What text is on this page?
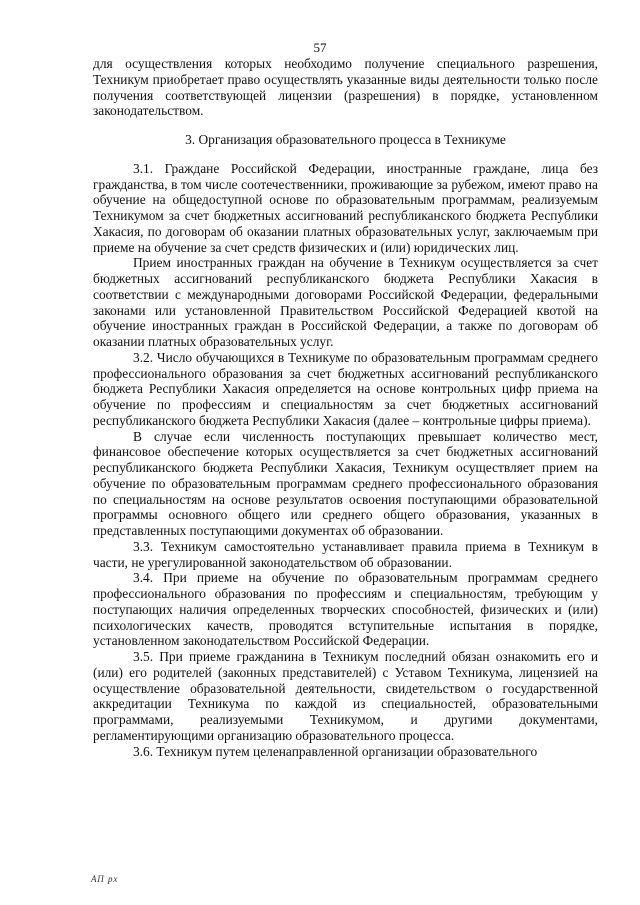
57

для осуществления которых необходимо получение специального разрешения, Техникум приобретает право осуществлять указанные виды деятельности только после получения соответствующей лицензии (разрешения) в порядке, установленном законодательством.

3. Организация образовательного процесса в Техникуме

3.1. Граждане Российской Федерации, иностранные граждане, лица без гражданства, в том числе соотечественники, проживающие за рубежом, имеют право на обучение на общедоступной основе по образовательным программам, реализуемым Техникумом за счет бюджетных ассигнований республиканского бюджета Республики Хакасия, по договорам об оказании платных образовательных услуг, заключаемым при приеме на обучение за счет средств физических и (или) юридических лиц.

Прием иностранных граждан на обучение в Техникум осуществляется за счет бюджетных ассигнований республиканского бюджета Республики Хакасия в соответствии с международными договорами Российской Федерации, федеральными законами или установленной Правительством Российской Федерацией квотой на обучение иностранных граждан в Российской Федерации, а также по договорам об оказании платных образовательных услуг.

3.2. Число обучающихся в Техникуме по образовательным программам среднего профессионального образования за счет бюджетных ассигнований республиканского бюджета Республики Хакасия определяется на основе контрольных цифр приема на обучение по профессиям и специальностям за счет бюджетных ассигнований республиканского бюджета Республики Хакасия (далее – контрольные цифры приема).

В случае если численность поступающих превышает количество мест, финансовое обеспечение которых осуществляется за счет бюджетных ассигнований республиканского бюджета Республики Хакасия, Техникум осуществляет прием на обучение по образовательным программам среднего профессионального образования по специальностям на основе результатов освоения поступающими образовательной программы основного общего или среднего общего образования, указанных в представленных поступающими документах об образовании.

3.3. Техникум самостоятельно устанавливает правила приема в Техникум в части, не урегулированной законодательством об образовании.

3.4. При приеме на обучение по образовательным программам среднего профессионального образования по профессиям и специальностям, требующим у поступающих наличия определенных творческих способностей, физических и (или) психологических качеств, проводятся вступительные испытания в порядке, установленном законодательством Российской Федерации.

3.5. При приеме гражданина в Техникум последний обязан ознакомить его и (или) его родителей (законных представителей) с Уставом Техникума, лицензией на осуществление образовательной деятельности, свидетельством о государственной аккредитации Техникума по каждой из специальностей, образовательными программами, реализуемыми Техникумом, и другими документами, регламентирующими организацию образовательного процесса.

3.6. Техникум путем целенаправленной организации образовательного

АП рх
